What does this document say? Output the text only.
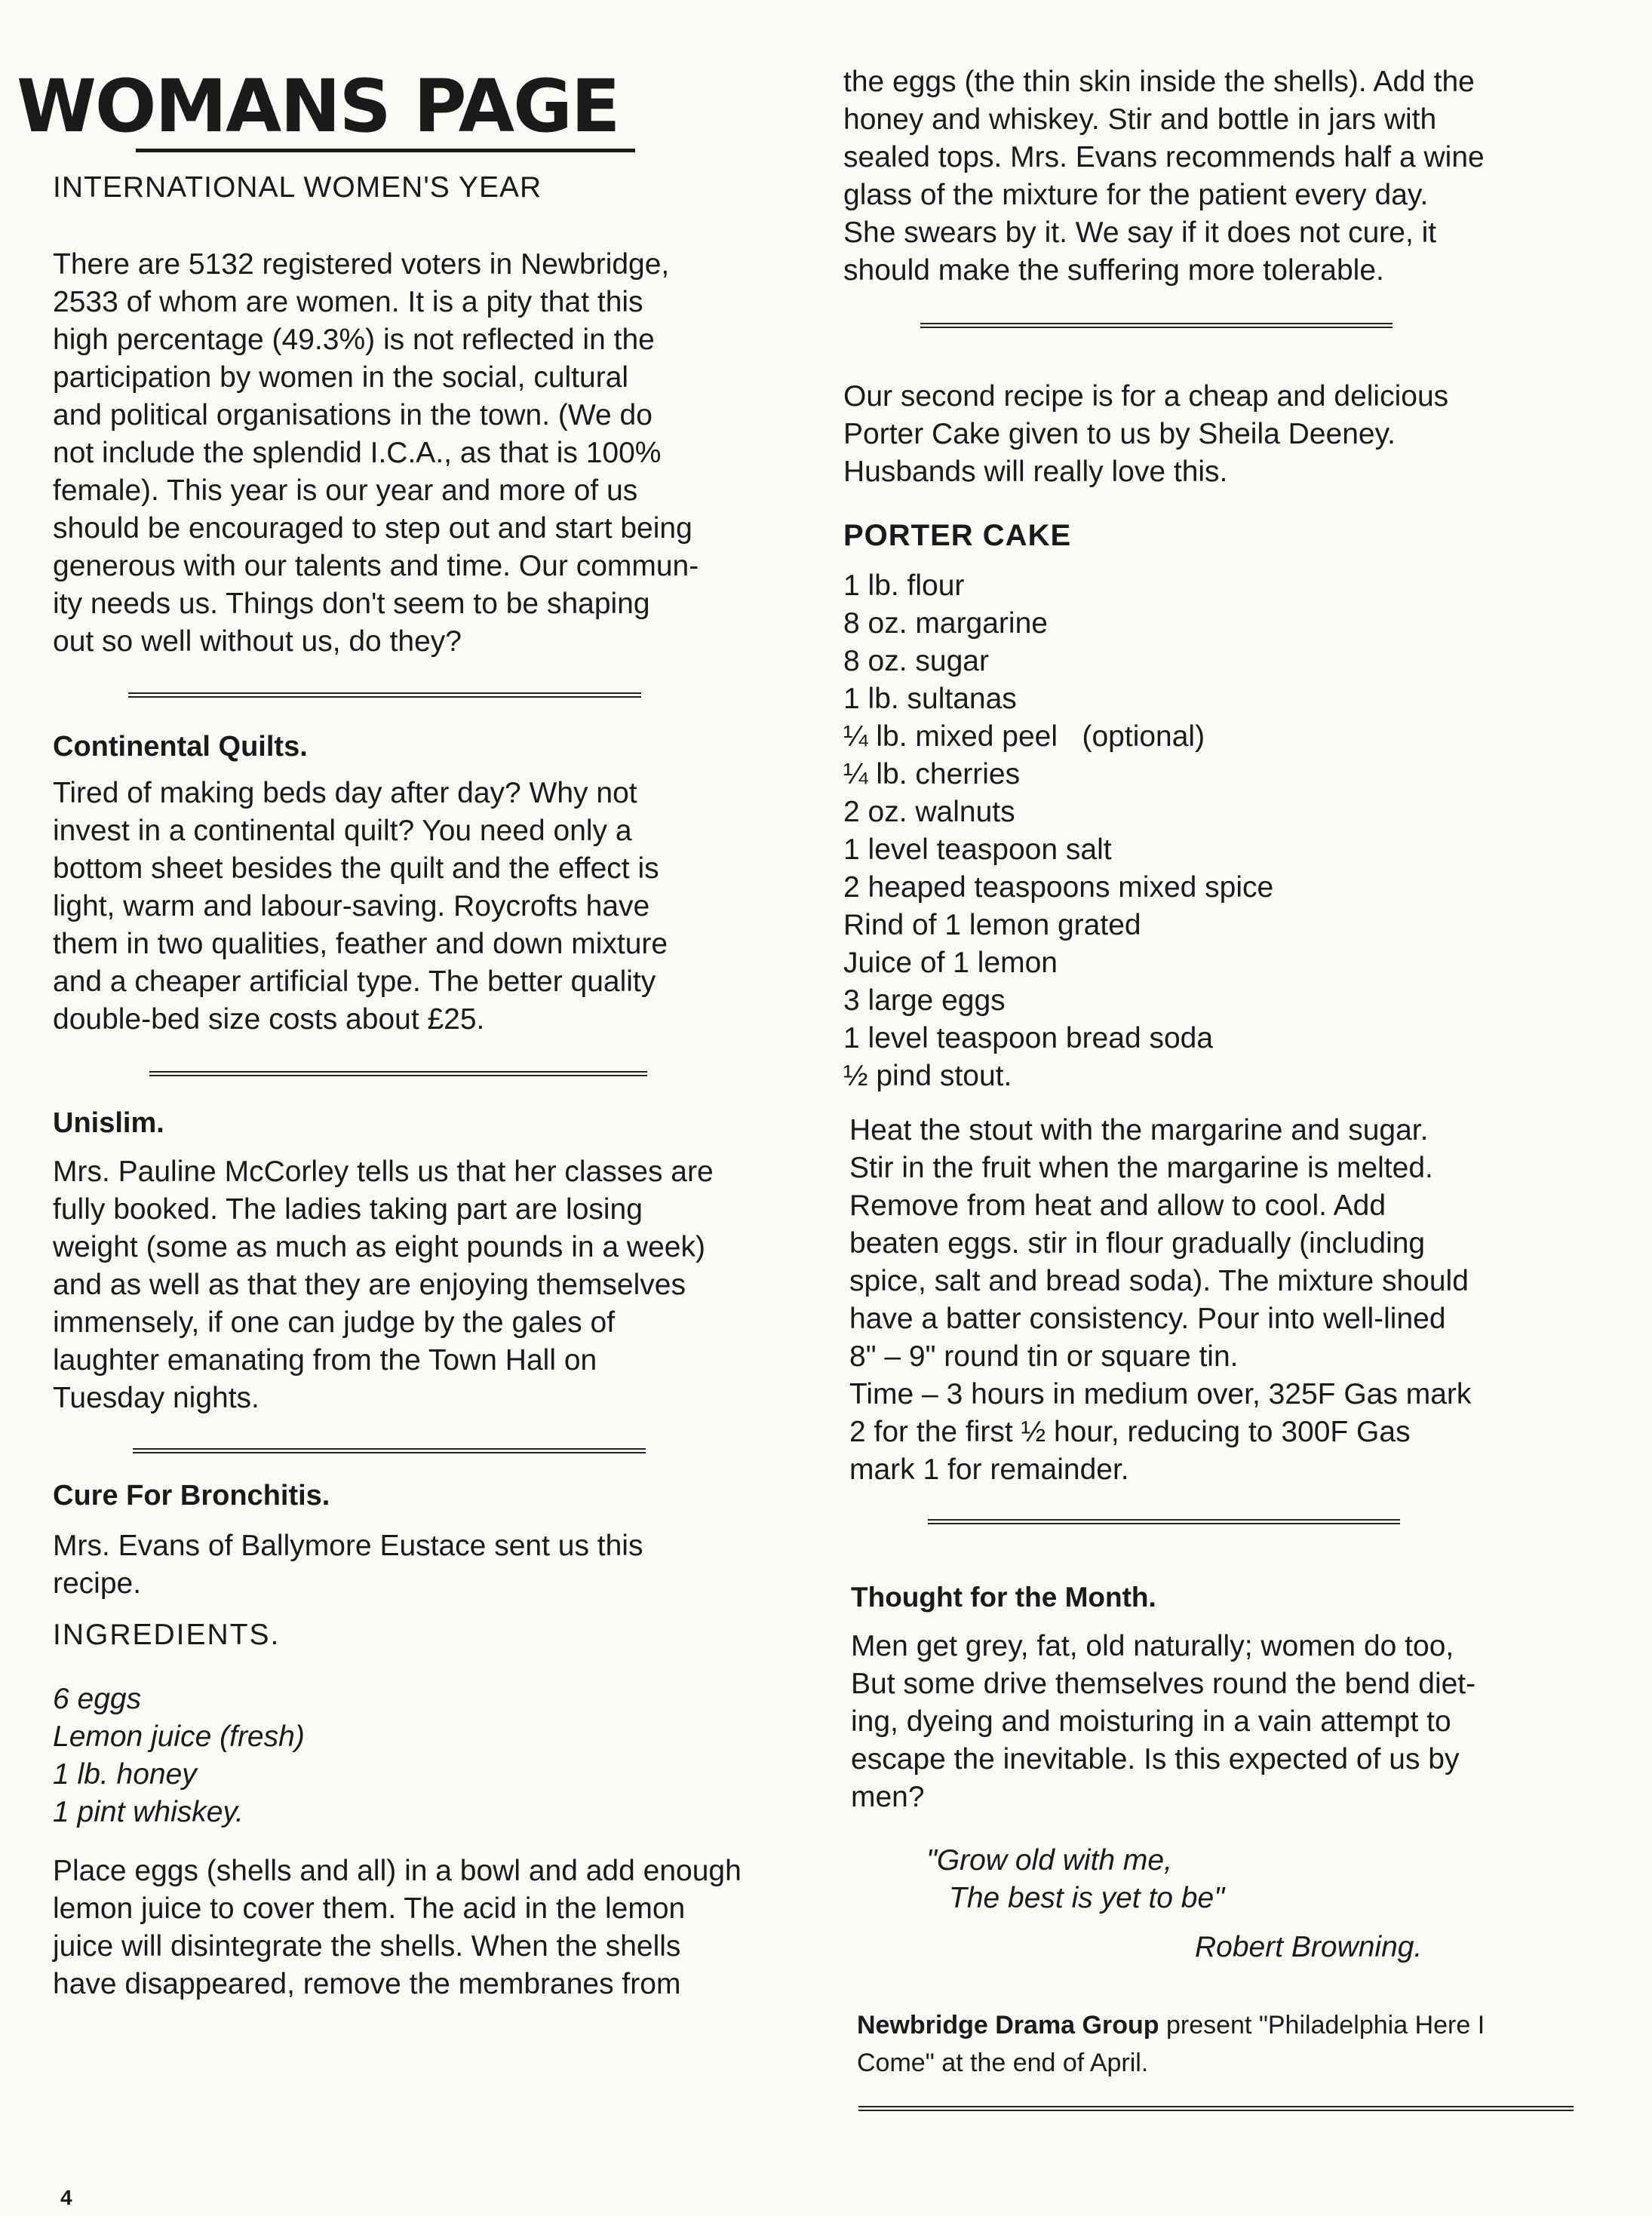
WOMANS PAGE

INTERNATIONAL WOMEN'S YEAR

There are 5132 registered voters in Newbridge,
2533 of whom are women. It is a pity that this
high percentage (49.3%) is not reflected in the
participation by women in the social, cultural
and political organisations in the town. (We do
not include the splendid I.C.A., as that is 100%
female). This year is our year and more of us
should be encouraged to step out and start being
generous with our talents and time. Our commun-
ity needs us. Things don't seem to be shaping
out so well without us, do they?

Continental Quilts.

Tired of making beds day after day? Why not
invest in a continental quilt? You need only a
bottom sheet besides the quilt and the effect is
light, warm and labour-saving. Roycrofts have
them in two qualities, feather and down mixture
and a cheaper artificial type. The better quality
double-bed size costs about £25.

Unislim.

Mrs. Pauline McCorley tells us that her classes are
fully booked. The ladies taking part are losing
weight (some as much as eight pounds in a week)
and as well as that they are enjoying themselves
immensely, if one can judge by the gales of
laughter emanating from the Town Hall on
Tuesday nights.

Cure For Bronchitis.

Mrs. Evans of Ballymore Eustace sent us this
recipe.

INGREDIENTS.

6 eggs
Lemon juice (fresh)
1 lb. honey
1 pint whiskey.

Place eggs (shells and all) in a bowl and add enough
lemon juice to cover them. The acid in the lemon
juice will disintegrate the shells. When the shells
have disappeared, remove the membranes from

the eggs (the thin skin inside the shells). Add the
honey and whiskey. Stir and bottle in jars with
sealed tops. Mrs. Evans recommends half a wine
glass of the mixture for the patient every day.
She swears by it. We say if it does not cure, it
should make the suffering more tolerable.

Our second recipe is for a cheap and delicious
Porter Cake given to us by Sheila Deeney.
Husbands will really love this.

PORTER CAKE

1 lb. flour
8 oz. margarine
8 oz. sugar
1 lb. sultanas
¼ lb. mixed peel   (optional)
¼ lb. cherries
2 oz. walnuts
1 level teaspoon salt
2 heaped teaspoons mixed spice
Rind of 1 lemon grated
Juice of 1 lemon
3 large eggs
1 level teaspoon bread soda
½ pind stout.

Heat the stout with the margarine and sugar.
Stir in the fruit when the margarine is melted.
Remove from heat and allow to cool. Add
beaten eggs. stir in flour gradually (including
spice, salt and bread soda). The mixture should
have a batter consistency. Pour into well-lined
8" – 9" round tin or square tin.
Time – 3 hours in medium over, 325F Gas mark
2 for the first ½ hour, reducing to 300F Gas
mark 1 for remainder.

Thought for the Month.

Men get grey, fat, old naturally; women do too,
But some drive themselves round the bend diet-
ing, dyeing and moisturing in a vain attempt to
escape the inevitable. Is this expected of us by
men?

"Grow old with me,

The best is yet to be"

Robert Browning.

Newbridge Drama Group present "Philadelphia Here I

Come" at the end of April.

4
